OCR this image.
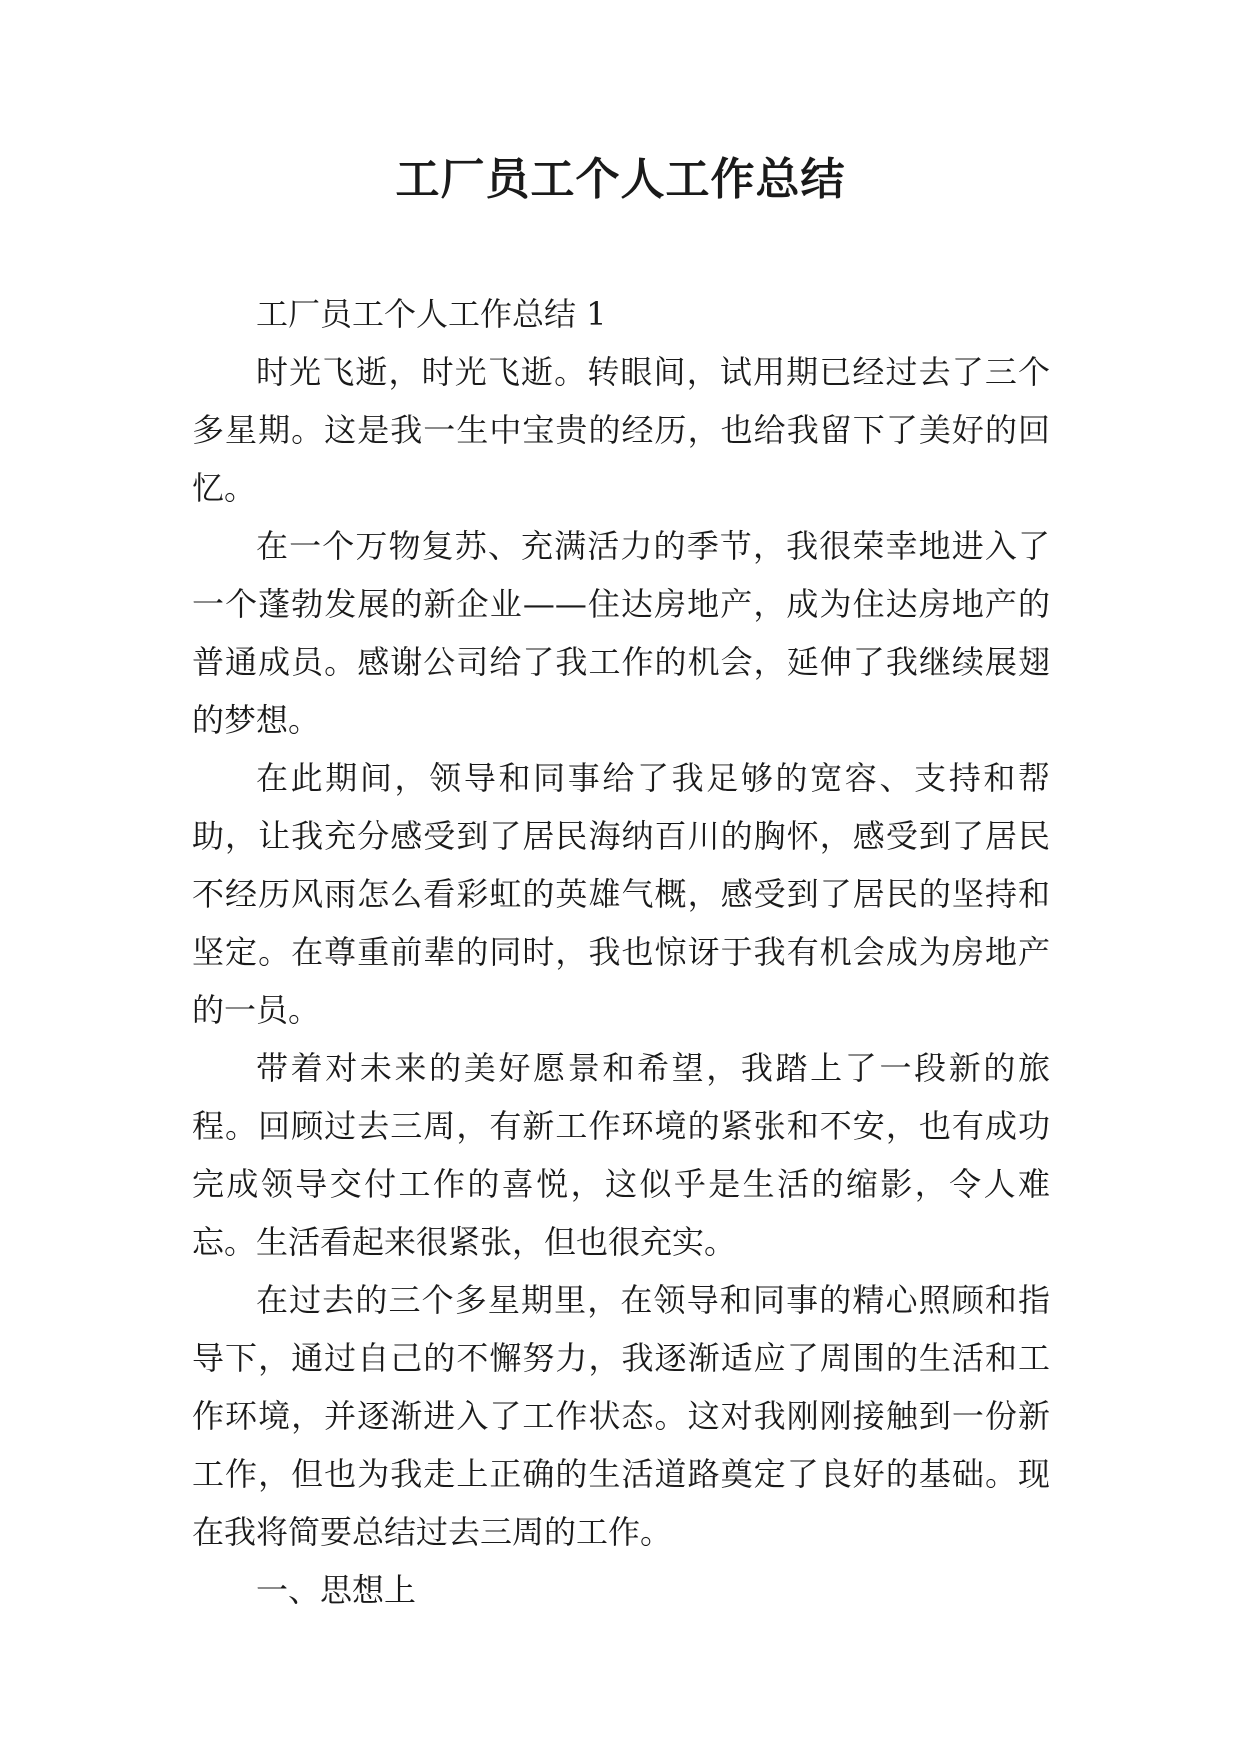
工厂员工个人工作总结

工厂员工个人工作总结 1

时光飞逝，时光飞逝。转眼间，试用期已经过去了三个多星期。这是我一生中宝贵的经历，也给我留下了美好的回忆。

在一个万物复苏、充满活力的季节，我很荣幸地进入了一个蓬勃发展的新企业——住达房地产，成为住达房地产的普通成员。感谢公司给了我工作的机会，延伸了我继续展翅的梦想。

在此期间，领导和同事给了我足够的宽容、支持和帮助，让我充分感受到了居民海纳百川的胸怀，感受到了居民不经历风雨怎么看彩虹的英雄气概，感受到了居民的坚持和坚定。在尊重前辈的同时，我也惊讶于我有机会成为房地产的一员。

带着对未来的美好愿景和希望，我踏上了一段新的旅程。回顾过去三周，有新工作环境的紧张和不安，也有成功完成领导交付工作的喜悦，这似乎是生活的缩影，令人难忘。生活看起来很紧张，但也很充实。

在过去的三个多星期里，在领导和同事的精心照顾和指导下，通过自己的不懈努力，我逐渐适应了周围的生活和工作环境，并逐渐进入了工作状态。这对我刚刚接触到一份新工作，但也为我走上正确的生活道路奠定了良好的基础。现在我将简要总结过去三周的工作。

一、思想上
